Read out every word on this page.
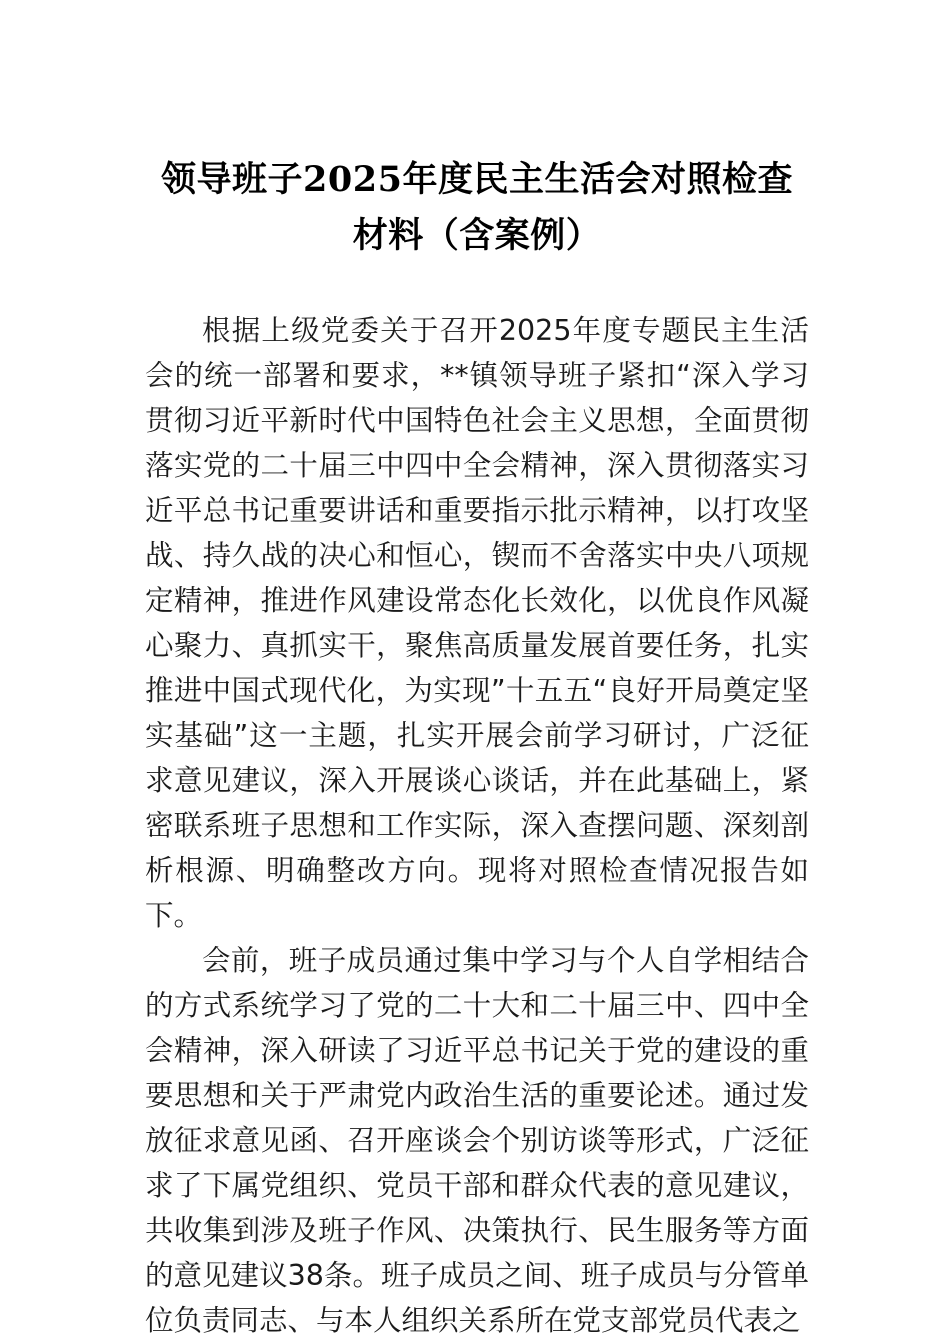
领导班子2025年度民主生活会对照检查材料（含案例）

根据上级党委关于召开2025年度专题民主生活会的统一部署和要求，**镇领导班子紧扣“深入学习贯彻习近平新时代中国特色社会主义思想，全面贯彻落实党的二十届三中四中全会精神，深入贯彻落实习近平总书记重要讲话和重要指示批示精神，以打攻坚战、持久战的决心和恒心，锲而不舍落实中央八项规定精神，推进作风建设常态化长效化，以优良作风凝心聚力、真抓实干，聚焦高质量发展首要任务，扎实推进中国式现代化，为实现”十五五“良好开局奠定坚实基础”这一主题，扎实开展会前学习研讨，广泛征求意见建议，深入开展谈心谈话，并在此基础上，紧密联系班子思想和工作实际，深入查摆问题、深刻剖析根源、明确整改方向。现将对照检查情况报告如下。

会前，班子成员通过集中学习与个人自学相结合的方式系统学习了党的二十大和二十届三中、四中全会精神，深入研读了习近平总书记关于党的建设的重要思想和关于严肃党内政治生活的重要论述。通过发放征求意见函、召开座谈会个别访谈等形式，广泛征求了下属党组织、党员干部和群众代表的意见建议，共收集到涉及班子作风、决策执行、民生服务等方面的意见建议38条。班子成员之间、班子成员与分管单位负责同志、与本人组织关系所在党支部党员代表之
